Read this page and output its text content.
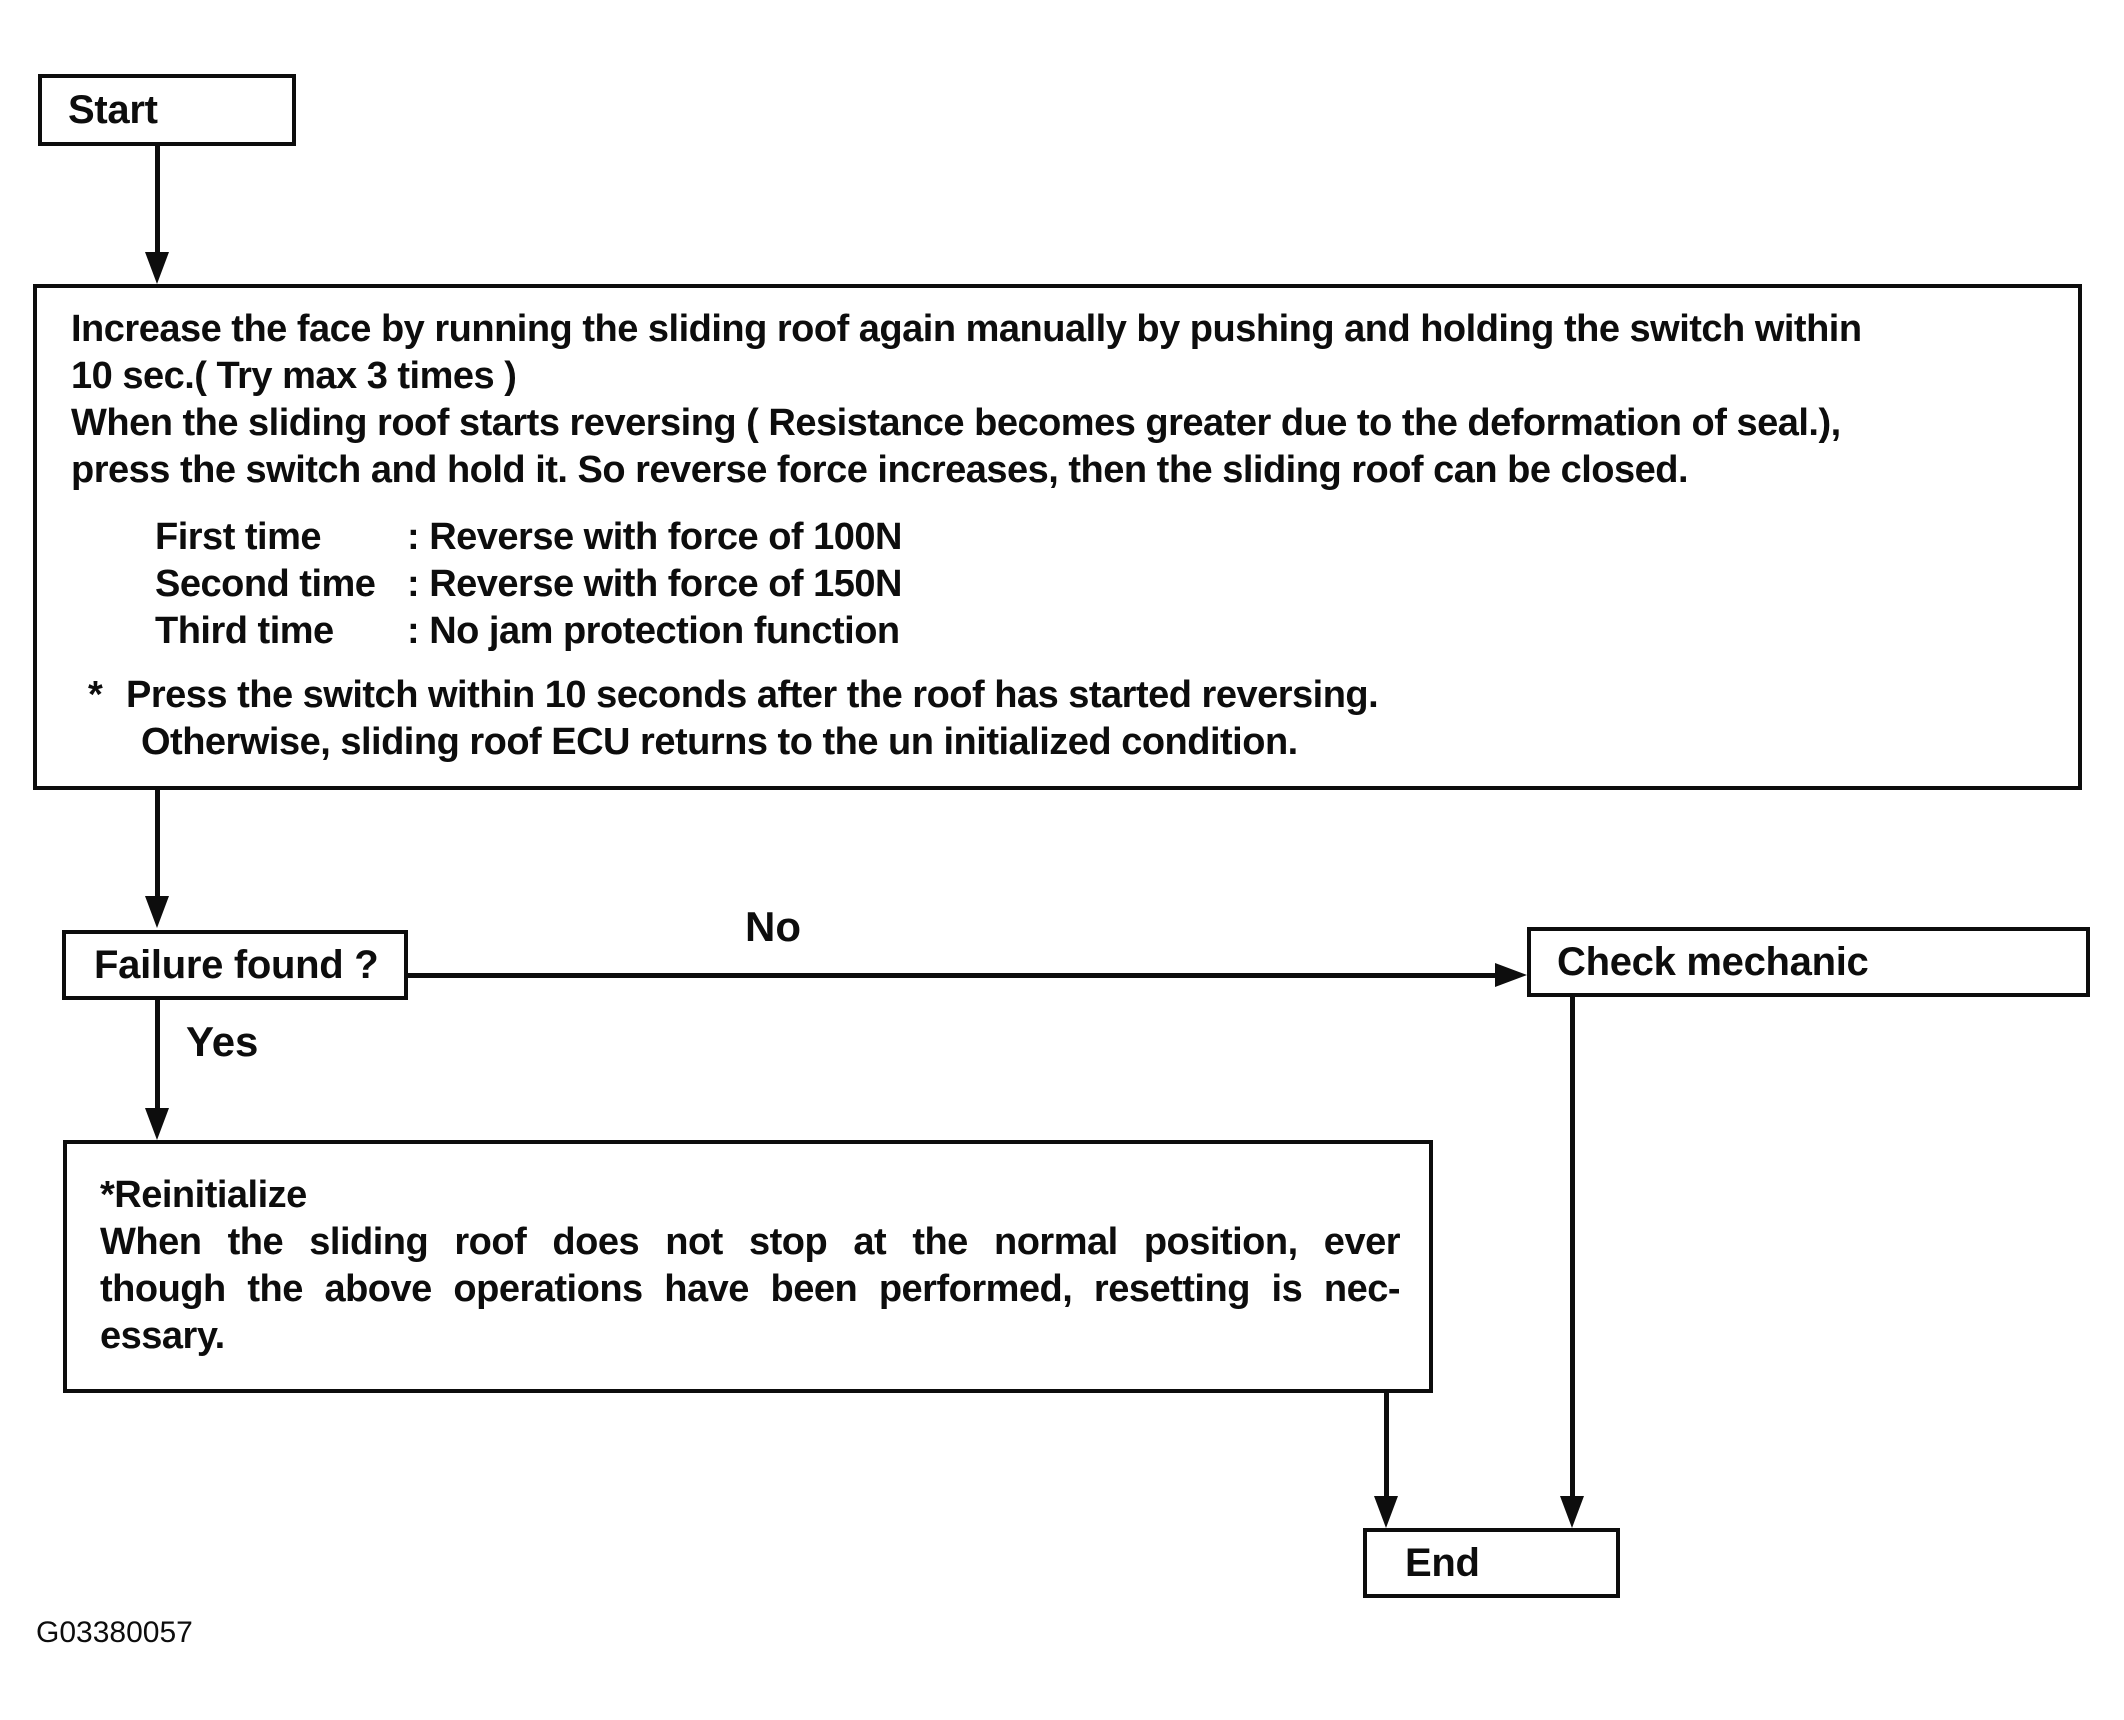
Start
Increase the face by running the sliding roof again manually by pushing and holding the switch within
10 sec.( Try max 3 times )
When the sliding roof starts reversing ( Resistance becomes greater due to the deformation of seal.),
press the switch and hold it. So reverse force increases, then the sliding roof can be closed.
First time	: Reverse with force of 100N
Second time : Reverse with force of 150N
Third time	: No jam protection function
* Press the switch within 10 seconds after the roof has started reversing.
Otherwise, sliding roof ECU returns to the un initialized condition.
Failure found ?
No
Check mechanic
Yes
*Reinitialize
When the sliding roof does not stop at the normal position, ever
though the above operations have been performed, resetting is nec-
essary.
End
G03380057
